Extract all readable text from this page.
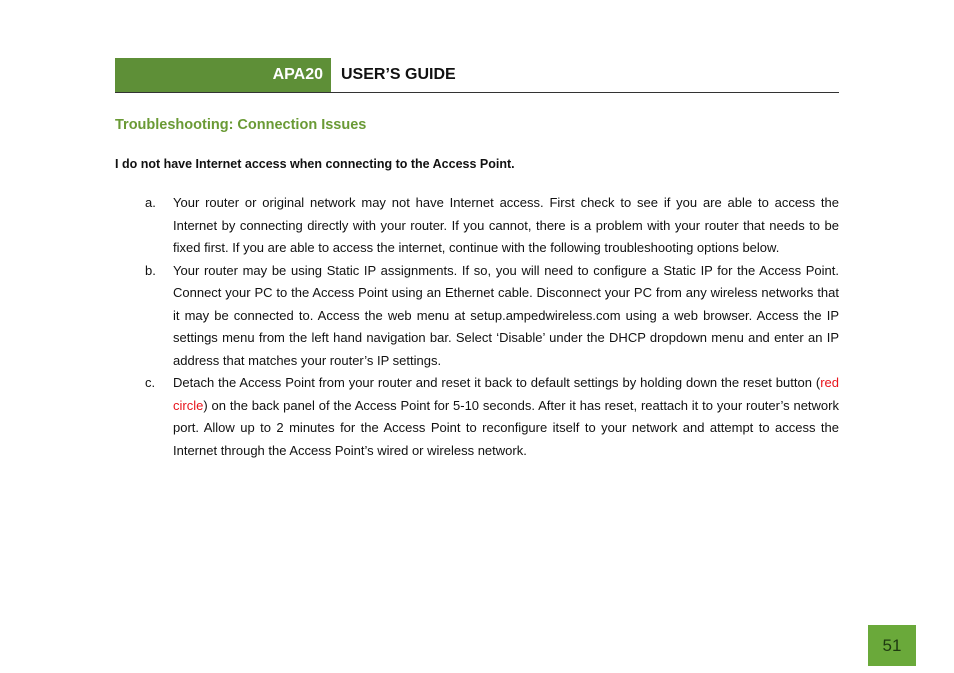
APA20 USER’S GUIDE
Troubleshooting: Connection Issues
I do not have Internet access when connecting to the Access Point.
a. Your router or original network may not have Internet access. First check to see if you are able to access the Internet by connecting directly with your router. If you cannot, there is a problem with your router that needs to be fixed first. If you are able to access the internet, continue with the following troubleshooting options below.
b. Your router may be using Static IP assignments. If so, you will need to configure a Static IP for the Access Point. Connect your PC to the Access Point using an Ethernet cable. Disconnect your PC from any wireless networks that it may be connected to. Access the web menu at setup.ampedwireless.com using a web browser. Access the IP settings menu from the left hand navigation bar. Select ‘Disable’ under the DHCP dropdown menu and enter an IP address that matches your router’s IP settings.
c. Detach the Access Point from your router and reset it back to default settings by holding down the reset button (red circle) on the back panel of the Access Point for 5-10 seconds. After it has reset, reattach it to your router’s network port. Allow up to 2 minutes for the Access Point to reconfigure itself to your network and attempt to access the Internet through the Access Point’s wired or wireless network.
51
